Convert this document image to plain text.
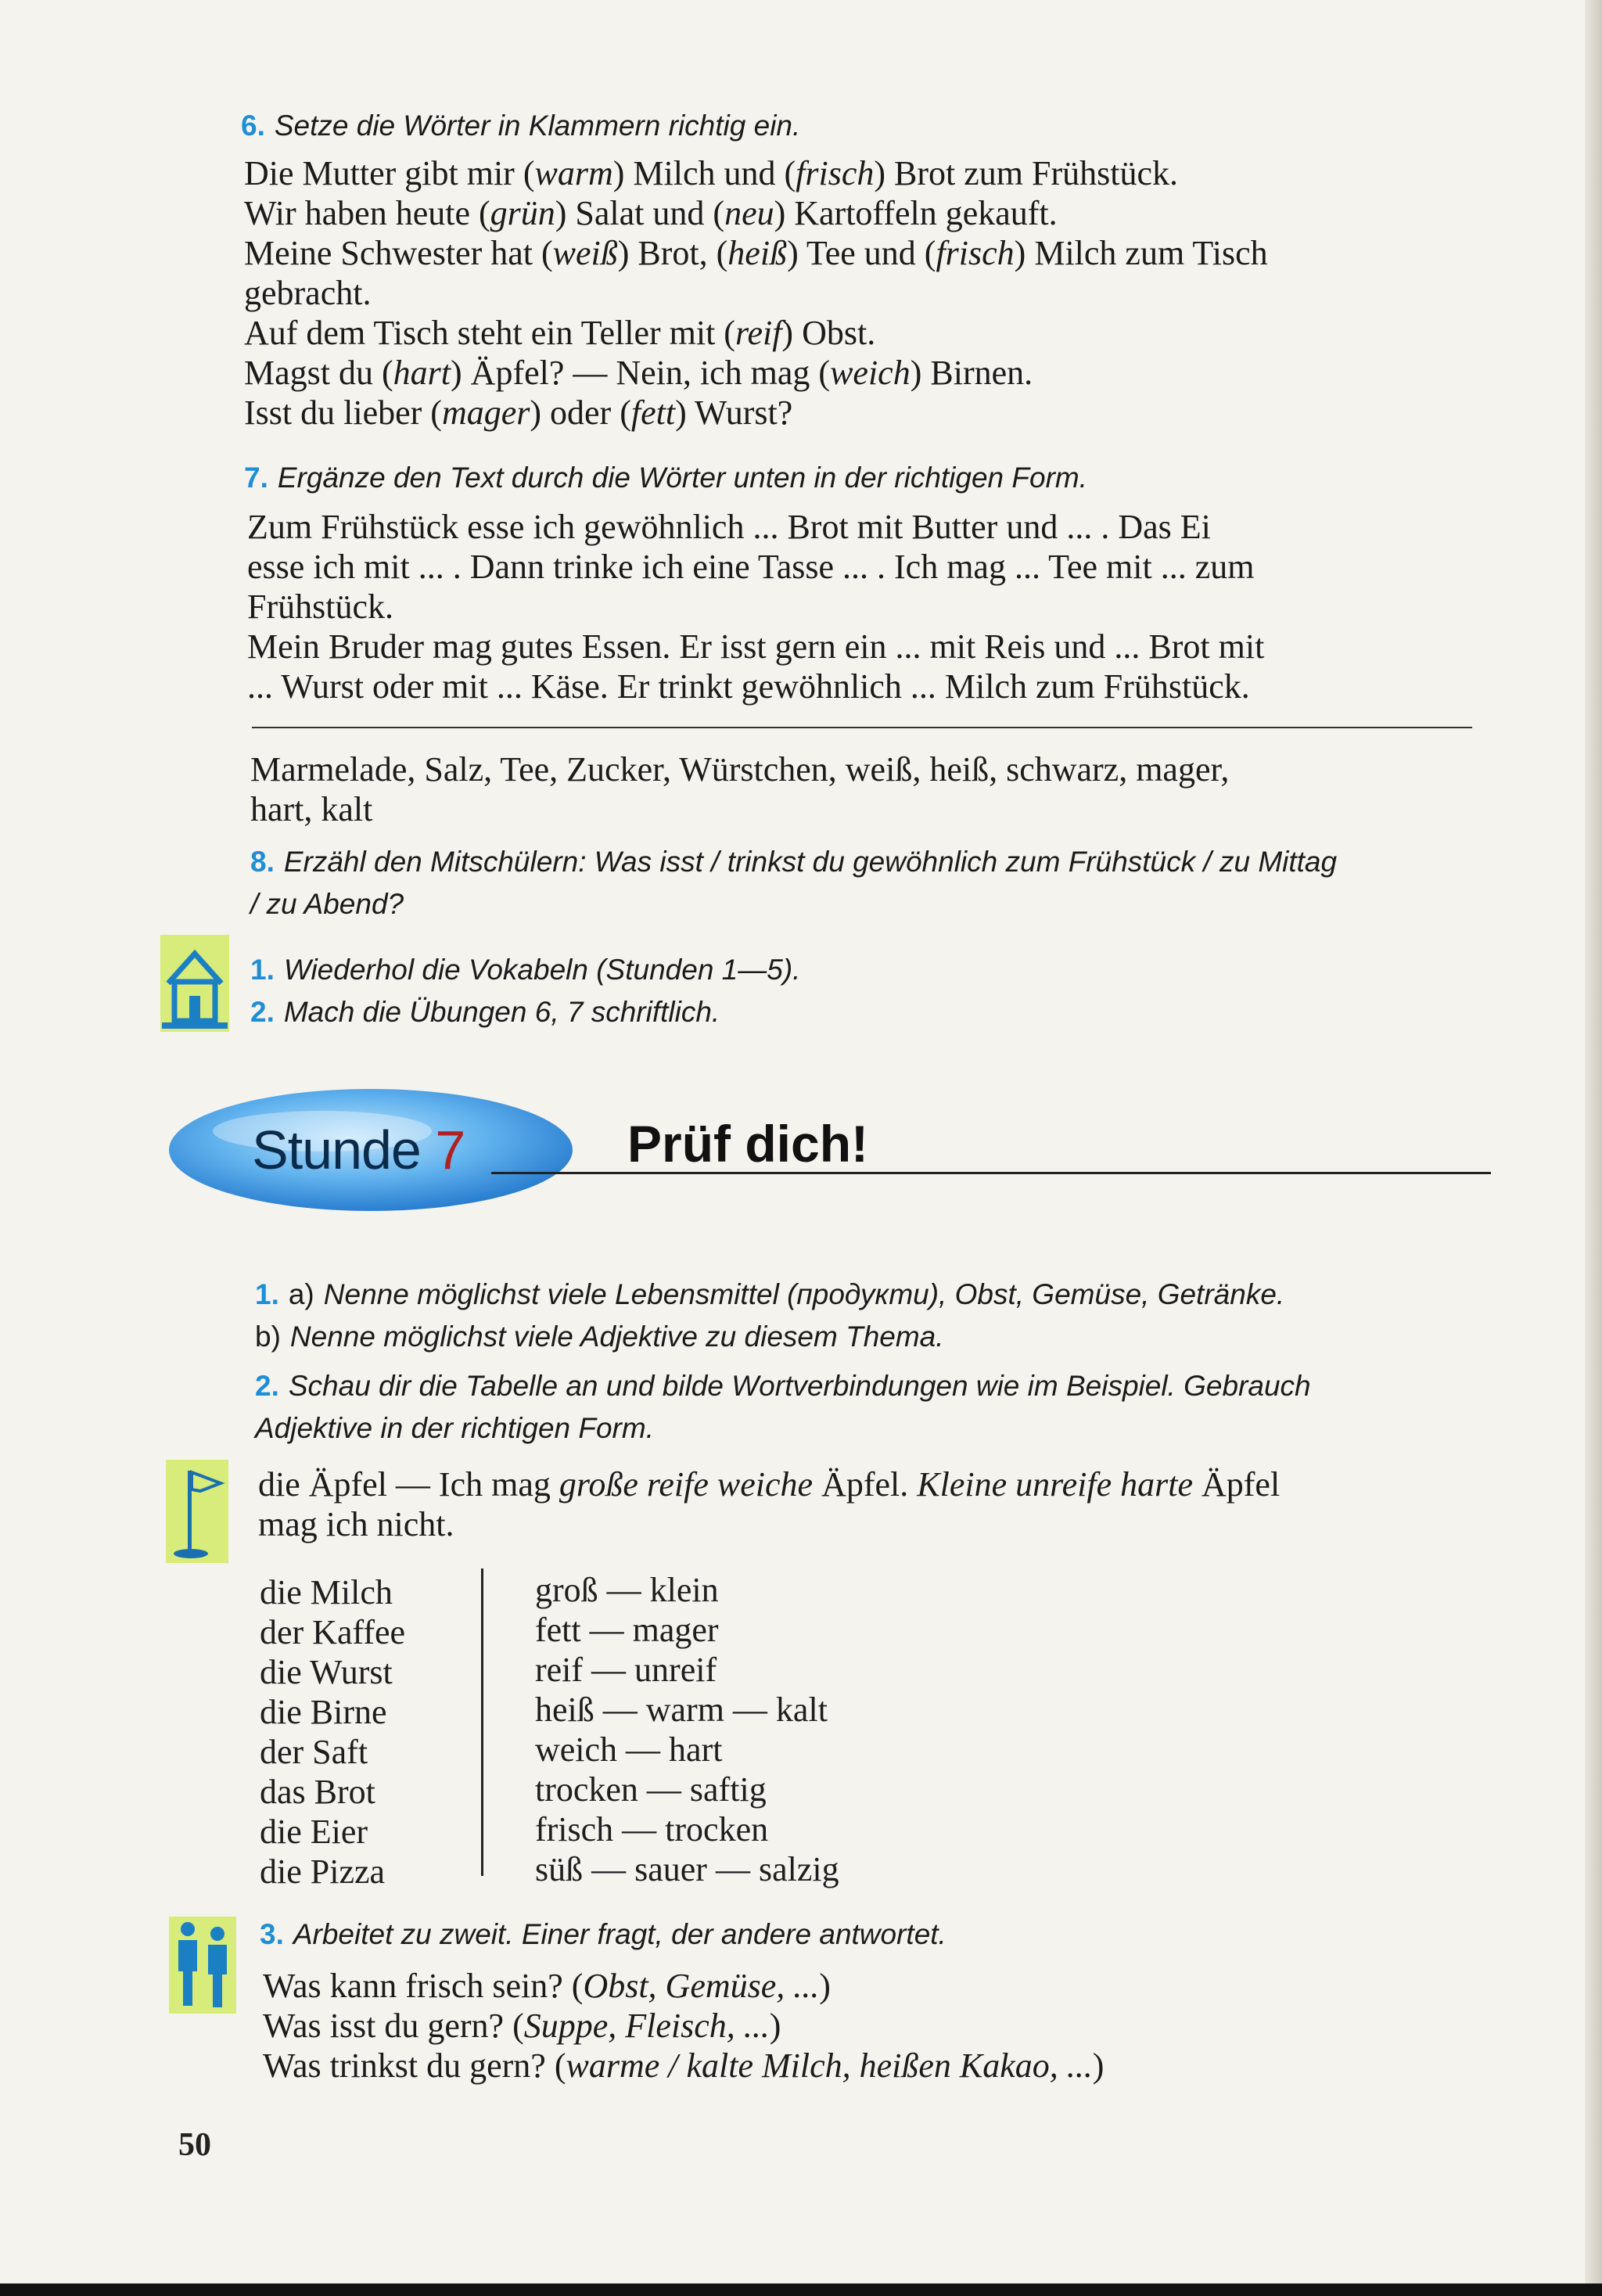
6. Setze die Wörter in Klammern richtig ein.

Die Mutter gibt mir (warm) Milch und (frisch) Brot zum Frühstück.

Wir haben heute (grün) Salat und (neu) Kartoffeln gekauft.

Meine Schwester hat (weiß) Brot, (heiß) Tee und (frisch) Milch zum Tisch

gebracht.

Auf dem Tisch steht ein Teller mit (reif) Obst.

Magst du (hart) Äpfel? — Nein, ich mag (weich) Birnen.

Isst du lieber (mager) oder (fett) Wurst?

7. Ergänze den Text durch die Wörter unten in der richtigen Form.

Zum Frühstück esse ich gewöhnlich ... Brot mit Butter und ... . Das Ei

esse ich mit ... . Dann trinke ich eine Tasse ... . Ich mag ... Tee mit ... zum

Frühstück.

Mein Bruder mag gutes Essen. Er isst gern ein ... mit Reis und ... Brot mit

... Wurst oder mit ... Käse. Er trinkt gewöhnlich ... Milch zum Frühstück.

Marmelade, Salz, Tee, Zucker, Würstchen, weiß, heiß, schwarz, mager,

hart, kalt

8. Erzähl den Mitschülern: Was isst / trinkst du gewöhnlich zum Frühstück / zu Mittag
/ zu Abend?
1. Wiederhol die Vokabeln (Stunden 1—5).
2. Mach die Übungen 6, 7 schriftlich.
Stunde 7	Prüf dich!
1. a) Nenne möglichst viele Lebensmittel (продукти), Obst, Gemüse, Getränke.
b) Nenne möglichst viele Adjektive zu diesem Thema.
2. Schau dir die Tabelle an und bilde Wortverbindungen wie im Beispiel. Gebrauch
Adjektive in der richtigen Form.

die Äpfel — Ich mag große reife weiche Äpfel. Kleine unreife harte Äpfel

mag ich nicht.

die Milch
der Kaffee
die Wurst
die Birne
der Saft
das Brot
die Eier
die Pizza
groß — klein
fett — mager
reif — unreif
heiß — warm — kalt
weich — hart
trocken — saftig
frisch — trocken
süß — sauer — salzig
3. Arbeitet zu zweit. Einer fragt, der andere antwortet.

Was kann frisch sein? (Obst, Gemüse, ...)

Was isst du gern? (Suppe, Fleisch, ...)

Was trinkst du gern? (warme / kalte Milch, heißen Kakao, ...)

50
